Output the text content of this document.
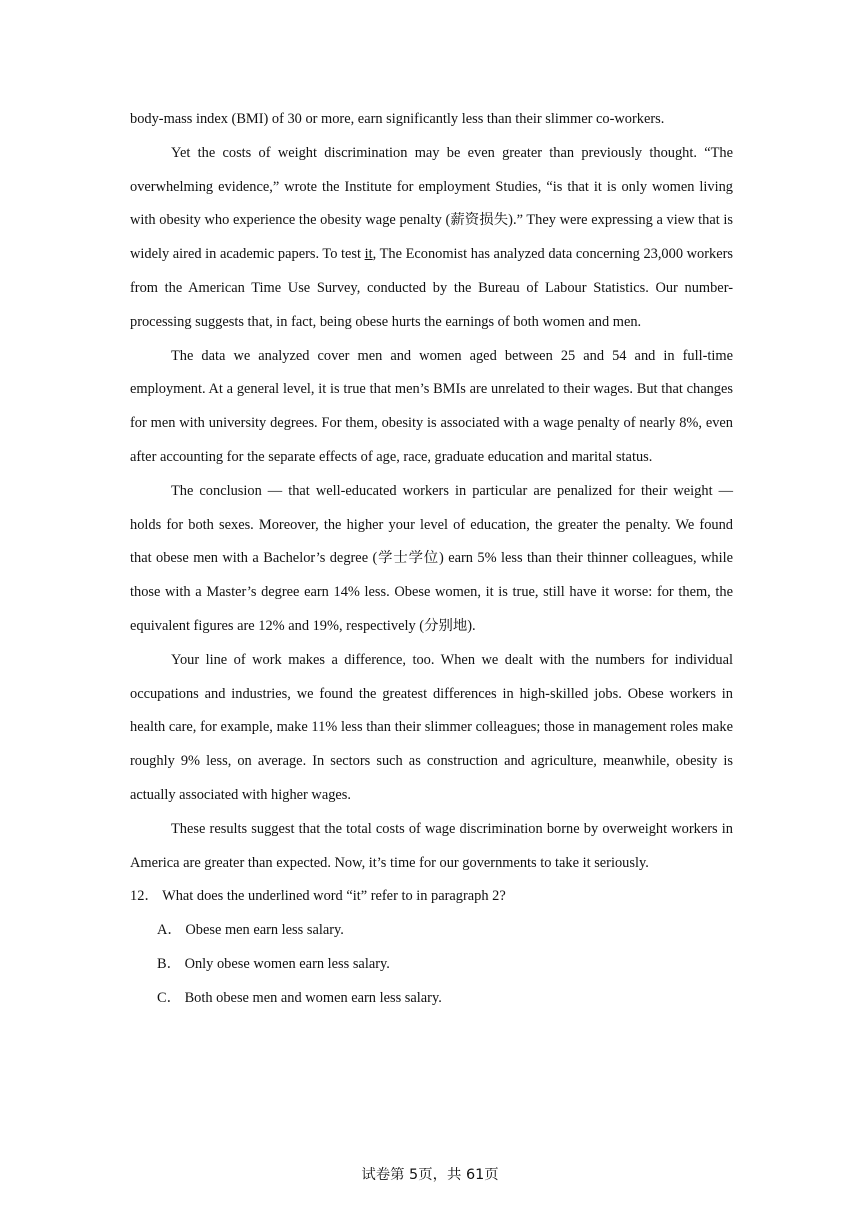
body-mass index (BMI) of 30 or more, earn significantly less than their slimmer co-workers.

Yet the costs of weight discrimination may be even greater than previously thought. “The overwhelming evidence,” wrote the Institute for employment Studies, “is that it is only women living with obesity who experience the obesity wage penalty (薪资损失).” They were expressing a view that is widely aired in academic papers. To test it, The Economist has analyzed data concerning 23,000 workers from the American Time Use Survey, conducted by the Bureau of Labour Statistics. Our number-processing suggests that, in fact, being obese hurts the earnings of both women and men.

The data we analyzed cover men and women aged between 25 and 54 and in full-time employment. At a general level, it is true that men’s BMIs are unrelated to their wages. But that changes for men with university degrees. For them, obesity is associated with a wage penalty of nearly 8%, even after accounting for the separate effects of age, race, graduate education and marital status.

The conclusion — that well-educated workers in particular are penalized for their weight — holds for both sexes. Moreover, the higher your level of education, the greater the penalty. We found that obese men with a Bachelor’s degree (学士学位) earn 5% less than their thinner colleagues, while those with a Master’s degree earn 14% less. Obese women, it is true, still have it worse: for them, the equivalent figures are 12% and 19%, respectively (分别地).

Your line of work makes a difference, too. When we dealt with the numbers for individual occupations and industries, we found the greatest differences in high-skilled jobs. Obese workers in health care, for example, make 11% less than their slimmer colleagues; those in management roles make roughly 9% less, on average. In sectors such as construction and agriculture, meanwhile, obesity is actually associated with higher wages.

These results suggest that the total costs of wage discrimination borne by overweight workers in America are greater than expected. Now, it’s time for our governments to take it seriously.

12． What does the underlined word “it” refer to in paragraph 2?

A． Obese men earn less salary.

B． Only obese women earn less salary.

C． Both obese men and women earn less salary.

试卷第 5页，共 61页
